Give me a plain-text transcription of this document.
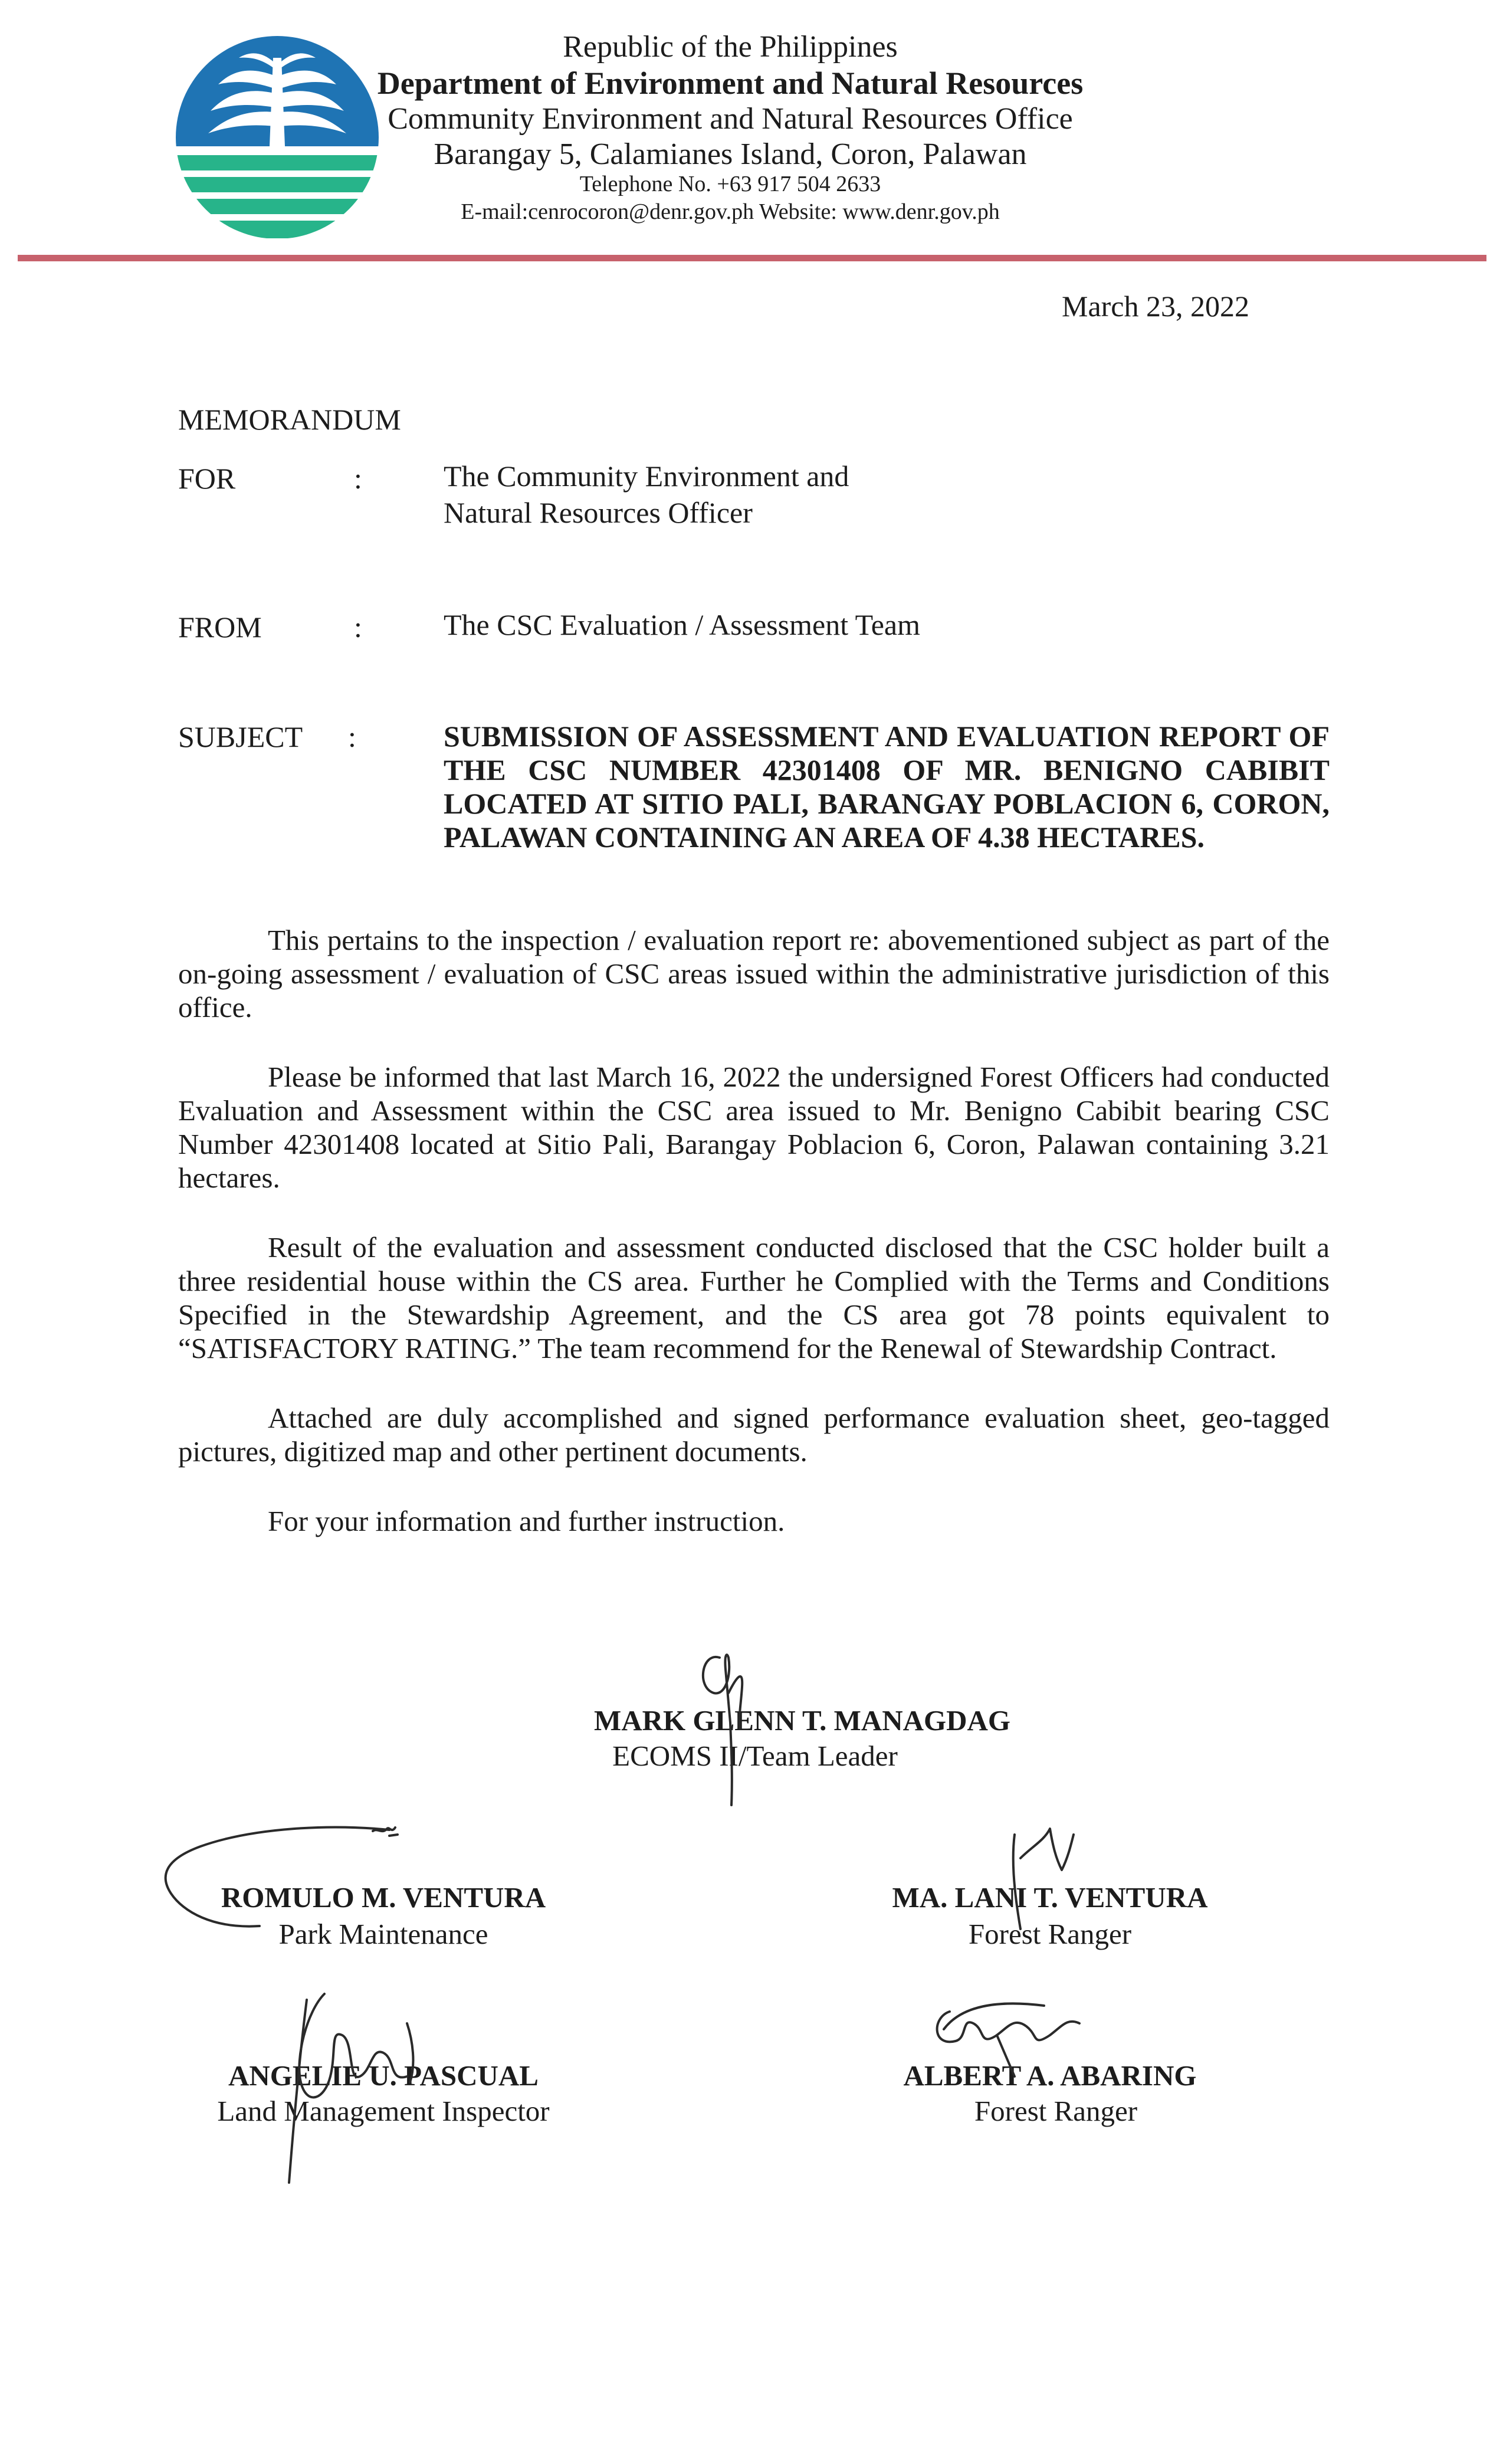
Republic of the Philippines
Department of Environment and Natural Resources
Community Environment and Natural Resources Office
Barangay 5, Calamianes Island, Coron, Palawan
Telephone No. +63 917 504 2633
E-mail:cenrocoron@denr.gov.ph Website: www.denr.gov.ph
March 23, 2022
MEMORANDUM
FOR	:	The Community Environment and
Natural Resources Officer
FROM	:	The CSC Evaluation / Assessment Team
SUBJECT :	SUBMISSION OF ASSESSMENT AND EVALUATION REPORT OF THE CSC NUMBER 42301408 OF MR. BENIGNO CABIBIT LOCATED AT SITIO PALI, BARANGAY POBLACION 6, CORON, PALAWAN CONTAINING AN AREA OF 4.38 HECTARES.
This pertains to the inspection / evaluation report re: abovementioned subject as part of the on-going assessment / evaluation of CSC areas issued within the administrative jurisdiction of this office.
Please be informed that last March 16, 2022 the undersigned Forest Officers had conducted Evaluation and Assessment within the CSC area issued to Mr. Benigno Cabibit bearing CSC Number 42301408 located at Sitio Pali, Barangay Poblacion 6, Coron, Palawan containing 3.21 hectares.
Result of the evaluation and assessment conducted disclosed that the CSC holder built a three residential house within the CS area. Further he Complied with the Terms and Conditions Specified in the Stewardship Agreement, and the CS area got 78 points equivalent to “SATISFACTORY RATING.” The team recommend for the Renewal of Stewardship Contract.
Attached are duly accomplished and signed performance evaluation sheet, geo-tagged pictures, digitized map and other pertinent documents.
For your information and further instruction.
MARK GLENN T. MANAGDAG
ECOMS II/Team Leader
ROMULO M. VENTURA
Park Maintenance
MA. LANI T. VENTURA
Forest Ranger
ANGELIE U. PASCUAL
Land Management Inspector
ALBERT A. ABARING
Forest Ranger
